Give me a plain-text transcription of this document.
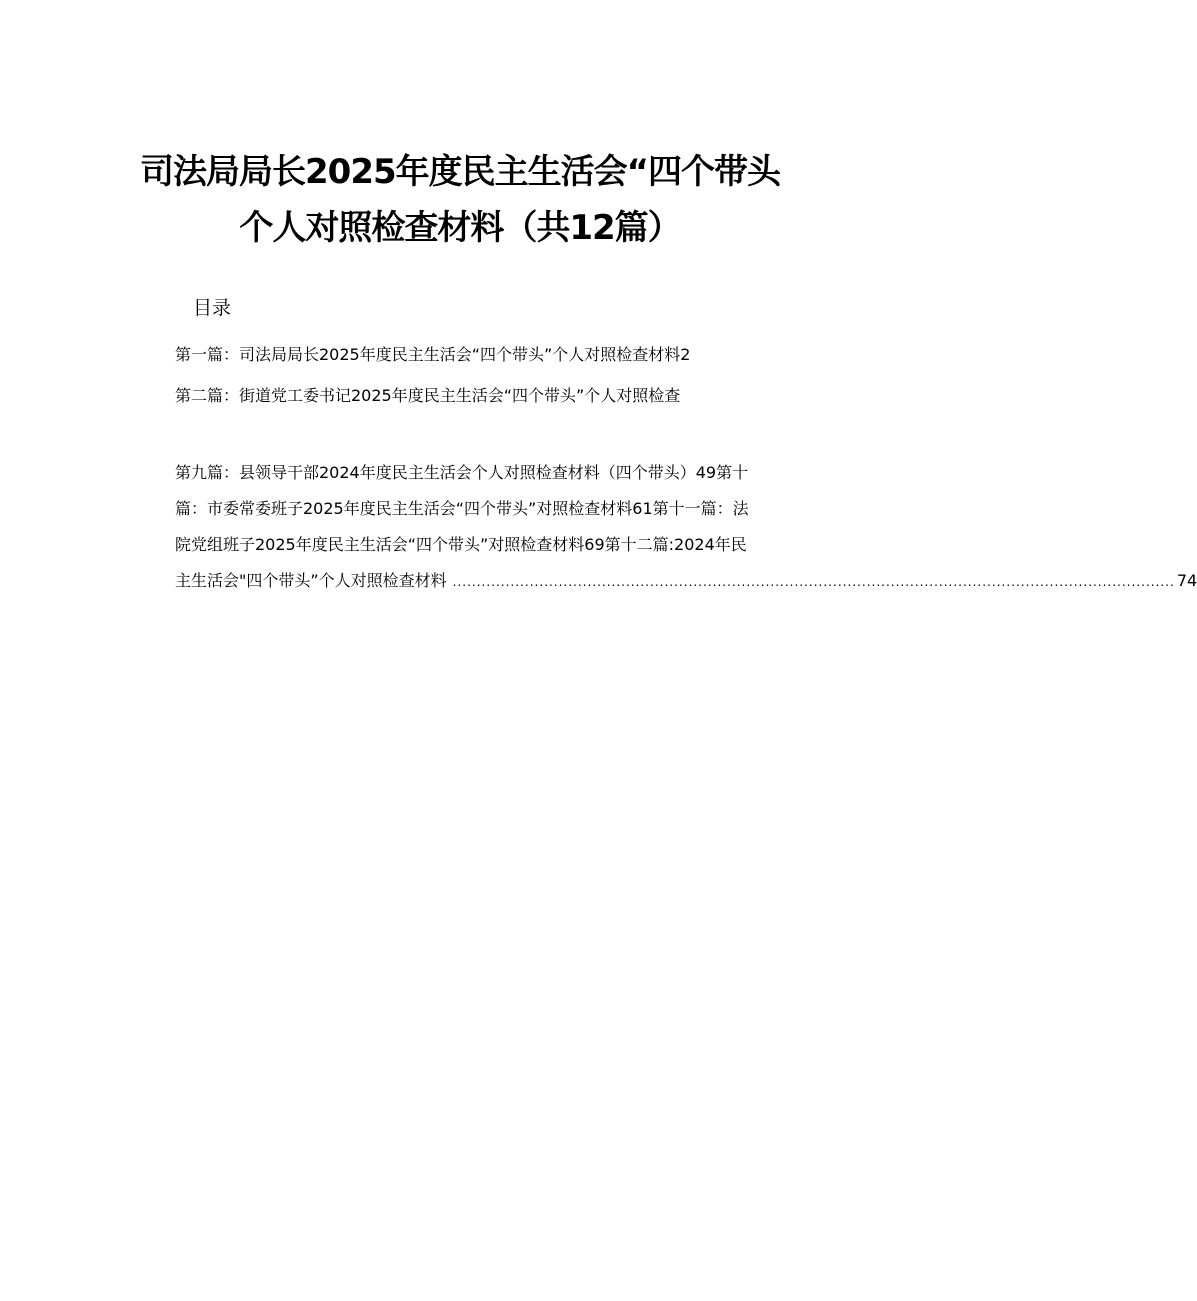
司法局局长2025年度民主生活会“四个带头
个人对照检查材料（共12篇）
目录
第一篇：司法局局长2025年度民主生活会“四个带头”个人对照检查材料2
第二篇：街道党工委书记2025年度民主生活会“四个带头”个人对照检查
第九篇：县领导干部2024年度民主生活会个人对照检查材料（四个带头）49第十
篇：市委常委班子2025年度民主生活会“四个带头”对照检查材料61第十一篇：法
院党组班子2025年度民主生活会“四个带头”对照检查材料69第十二篇:2024年民
主生活会"四个带头”个人对照检查材料 ...................................................................................................................................................... 74
